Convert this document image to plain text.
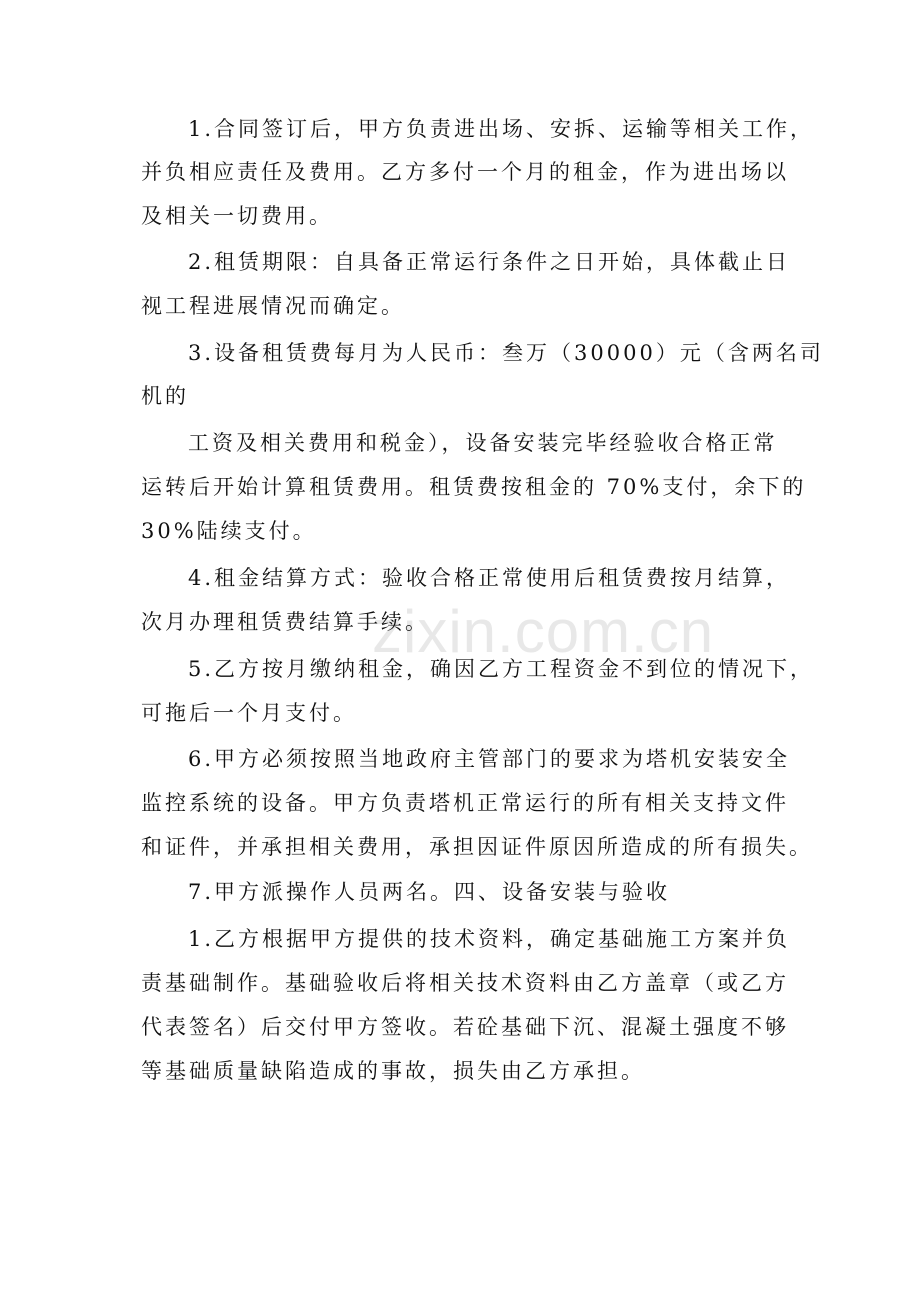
zixin.com.cn
1.合同签订后，甲方负责进出场、安拆、运输等相关工作，
并负相应责任及费用。乙方多付一个月的租金，作为进出场以
及相关一切费用。
2.租赁期限：自具备正常运行条件之日开始，具体截止日
视工程进展情况而确定。
3.设备租赁费每月为人民币：叁万（30000）元（含两名司
机的
工资及相关费用和税金），设备安装完毕经验收合格正常
运转后开始计算租赁费用。租赁费按租金的 70%支付，余下的
30%陆续支付。
4.租金结算方式：验收合格正常使用后租赁费按月结算，
次月办理租赁费结算手续。
5.乙方按月缴纳租金，确因乙方工程资金不到位的情况下，
可拖后一个月支付。
6.甲方必须按照当地政府主管部门的要求为塔机安装安全
监控系统的设备。甲方负责塔机正常运行的所有相关支持文件
和证件，并承担相关费用，承担因证件原因所造成的所有损失。
7.甲方派操作人员两名。四、设备安装与验收
1.乙方根据甲方提供的技术资料，确定基础施工方案并负
责基础制作。基础验收后将相关技术资料由乙方盖章（或乙方
代表签名）后交付甲方签收。若砼基础下沉、混凝土强度不够
等基础质量缺陷造成的事故，损失由乙方承担。
